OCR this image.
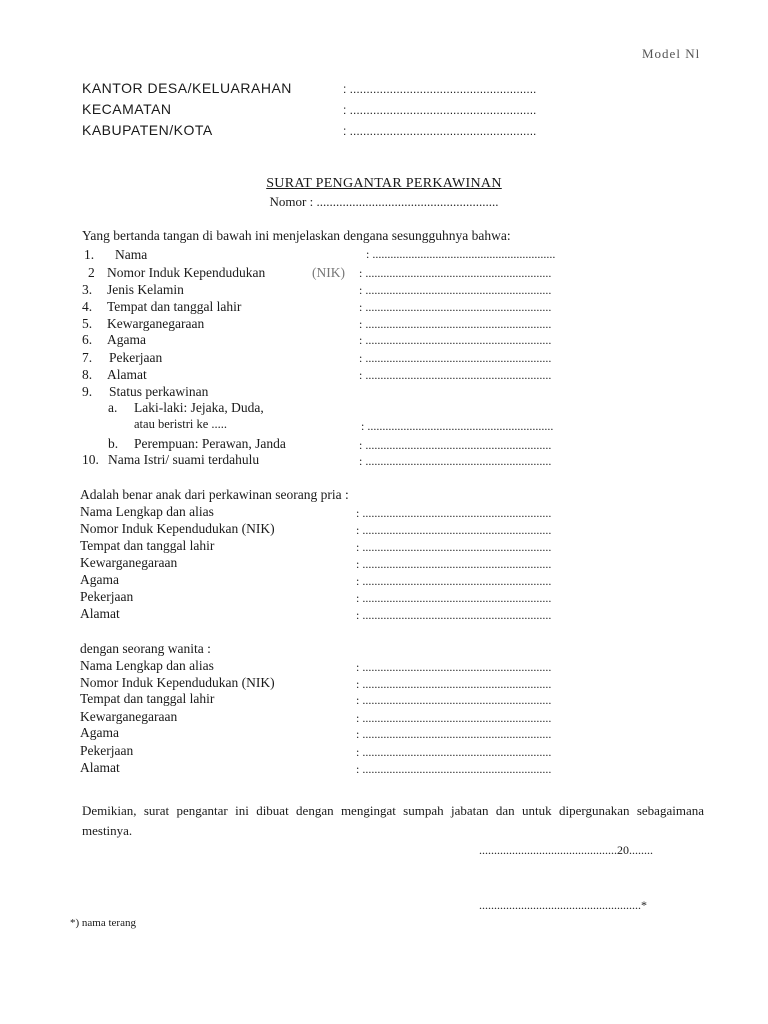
Model Nl
KANTOR DESA/KELUARAHAN	: ........................................................
KECAMATAN	: ........................................................
KABUPATEN/KOTA	: ........................................................
SURAT PENGANTAR PERKAWINAN
Nomor : ........................................................
Yang bertanda tangan di bawah ini menjelaskan dengana sesungguhnya bahwa:
1. Nama	: .............................................................
2 Nomor Induk Kependudukan	(NIK) : ..............................................................
3. Jenis Kelamin	: ..............................................................
4. Tempat dan tanggal lahir	: ..............................................................
5. Kewarganegaraan	: ..............................................................
6. Agama	: ..............................................................
7. Pekerjaan	: ..............................................................
8. Alamat	: ..............................................................
9. Status perkawinan
a. Laki-laki: Jejaka, Duda,
atau beristri ke .....	: ..............................................................
b. Perempuan: Perawan, Janda	: ..............................................................
10. Nama Istri/ suami terdahulu	: ..............................................................
Adalah benar anak dari perkawinan seorang pria :
Nama Lengkap dan alias	: ...............................................................
Nomor Induk Kependudukan (NIK)	: ...............................................................
Tempat dan tanggal lahir	: ...............................................................
Kewarganegaraan	: ...............................................................
Agama	: ...............................................................
Pekerjaan	: ...............................................................
Alamat	: ...............................................................
dengan seorang wanita :
Nama Lengkap dan alias	: ...............................................................
Nomor Induk Kependudukan (NIK)	: ...............................................................
Tempat dan tanggal lahir	: ...............................................................
Kewarganegaraan	: ...............................................................
Agama	: ...............................................................
Pekerjaan	: ...............................................................
Alamat	: ...............................................................
Demikian, surat pengantar ini dibuat dengan mengingat sumpah jabatan dan untuk dipergunakan sebagaimana mestinya.
..............................................20........
......................................................*
*) nama terang
